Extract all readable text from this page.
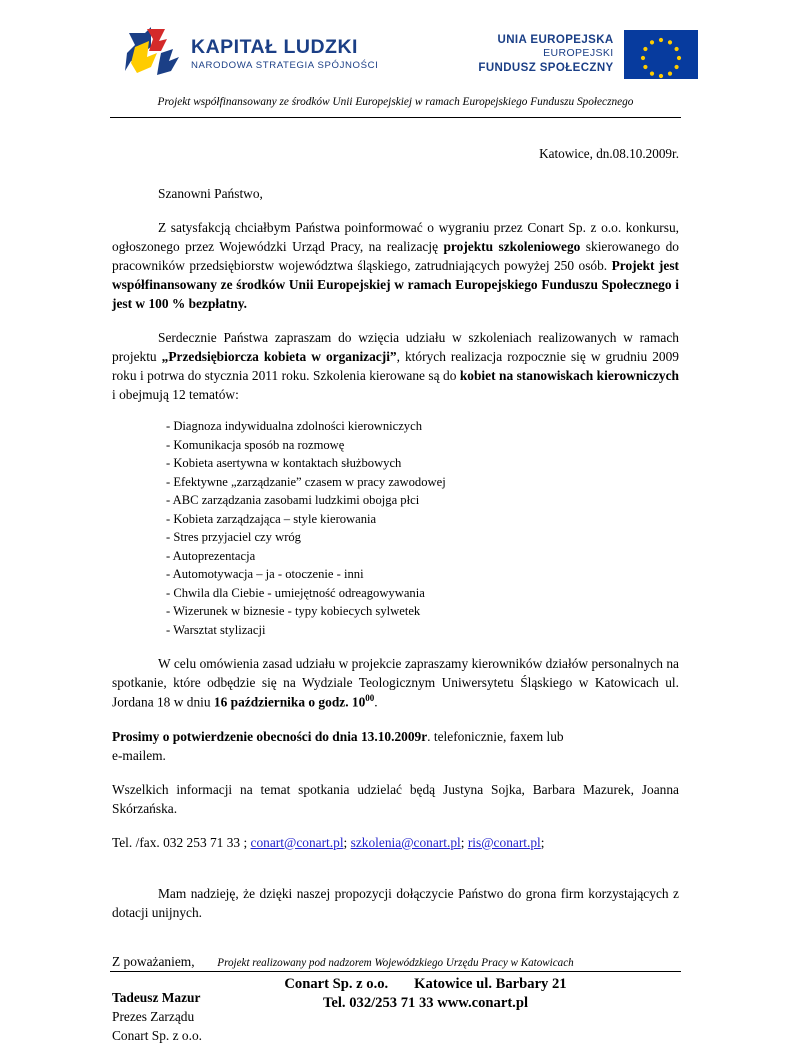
KAPITAŁ LUDZKI
NARODOWA STRATEGIA SPÓJNOŚCI
UNIA EUROPEJSKA
EUROPEJSKI
FUNDUSZ SPOŁECZNY
Projekt współfinansowany ze środków Unii Europejskiej w ramach Europejskiego Funduszu Społecznego
Katowice, dn.08.10.2009r.
Szanowni Państwo,

Z satysfakcją chciałbym Państwa poinformować o wygraniu przez Conart Sp. z o.o. konkursu, ogłoszonego przez Wojewódzki Urząd Pracy, na realizację projektu szkoleniowego skierowanego do pracowników przedsiębiorstw województwa śląskiego, zatrudniających powyżej 250 osób. Projekt jest współfinansowany ze środków Unii Europejskiej w ramach Europejskiego Funduszu Społecznego i jest w 100 % bezpłatny.

Serdecznie Państwa zapraszam do wzięcia udziału w szkoleniach realizowanych w ramach projektu „Przedsiębiorcza kobieta w organizacji”, których realizacja rozpocznie się w grudniu 2009 roku i potrwa do stycznia 2011 roku. Szkolenia kierowane są do kobiet na stanowiskach kierowniczych i obejmują 12 tematów:

- Diagnoza indywidualna zdolności kierowniczych
- Komunikacja sposób na rozmowę
- Kobieta asertywna w kontaktach służbowych
- Efektywne „zarządzanie” czasem w pracy zawodowej
- ABC zarządzania zasobami ludzkimi obojga płci
- Kobieta zarządzająca – style kierowania
- Stres przyjaciel czy wróg
- Autoprezentacja
- Automotywacja – ja - otoczenie - inni
- Chwila dla Ciebie - umiejętność odreagowywania
- Wizerunek w biznesie - typy kobiecych sylwetek
- Warsztat stylizacji

W celu omówienia zasad udziału w projekcie zapraszamy kierowników działów personalnych na spotkanie, które odbędzie się na Wydziale Teologicznym Uniwersytetu Śląskiego w Katowicach ul. Jordana 18 w dniu 16 października o godz. $10^{00}$.

Prosimy o potwierdzenie obecności do dnia 13.10.2009r. telefonicznie, faxem lub
e-mailem.

Wszelkich informacji na temat spotkania udzielać będą Justyna Sojka, Barbara Mazurek, Joanna Skórzańska.

Tel. /fax. 032 253 71 33 ; conart@conart.pl; szkolenia@conart.pl; ris@conart.pl;

Mam nadzieję, że dzięki naszej propozycji dołączycie Państwo do grona firm korzystających z dotacji unijnych.

Z poważaniem,
Tadeusz Mazur
Prezes Zarządu
Conart Sp. z o.o.
Projekt realizowany pod nadzorem Wojewódzkiego Urzędu Pracy w Katowicach
Conart Sp. z o.o. Katowice ul. Barbary 21
Tel. 032/253 71 33 www.conart.pl
